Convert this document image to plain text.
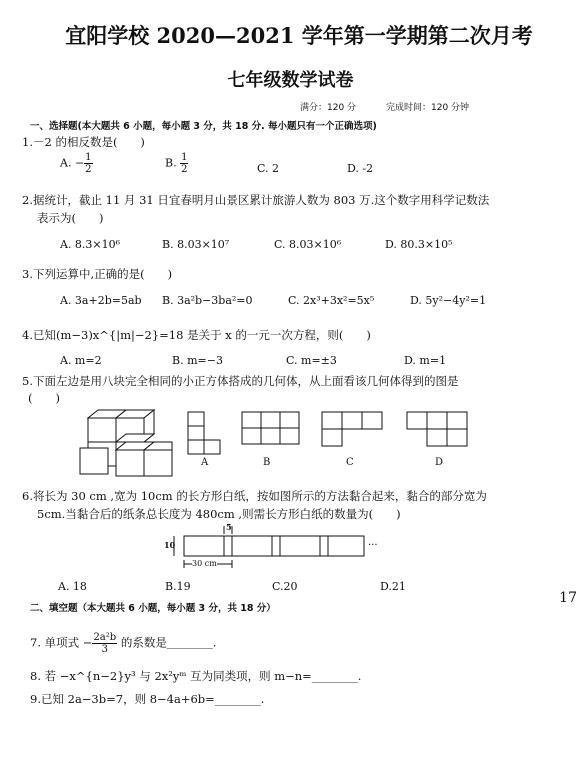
宜阳学校 2020—2021 学年第一学期第二次月考
七年级数学试卷
满分：120 分	完成时间：120 分钟
一、选择题(本大题共 6 小题，每小题 3 分，共 18 分. 每小题只有一个正确选项)
1.－2 的相反数是(　　)
A. − $\frac{1}{2}$	B. $\frac{1}{2}$	C. 2	D. -2
2.据统计，截止 11 月 31 日宜春明月山景区累计旅游人数为 803 万.这个数字用科学记数法
表示为(　　)
A. 8.3×10⁶	B. 8.03×10⁷	C. 8.03×10⁶	D. 80.3×10⁵
3.下列运算中,正确的是(　　)
A. 3a+2b=5ab B. 3a²b−3ba²=0	C. 2x³+3x²=5x⁵	D. 5y²−4y²=1
4.已知(m−3)x^{|m|−2}=18 是关于 x 的一元一次方程，则(　　)
A. m=2	B. m=−3	C. m=±3	D. m=1
5.下面左边是用八块完全相同的小正方体搭成的几何体，从上面看该几何体得到的图是
(　　)
A	B	C	D
6.将长为 30 cm ,宽为 10cm 的长方形白纸，按如图所示的方法黏合起来，黏合的部分宽为
5cm.当黏合后的纸条总长度为 480cm ,则需长方形白纸的数量为(　　)
5
10
30 cm
···
A. 18	B.19	C.20	D.21
17
二、填空题（本大题共 6 小题，每小题 3 分，共 18 分）
7. 单项式 − $\frac{\text{2a²b}}{3}$ 的系数是________.
8. 若 −x^{n−2}y³ 与 2x²yᵐ 互为同类项，则 m−n=________.
9.已知 2a−3b=7，则 8−4a+6b=________.
